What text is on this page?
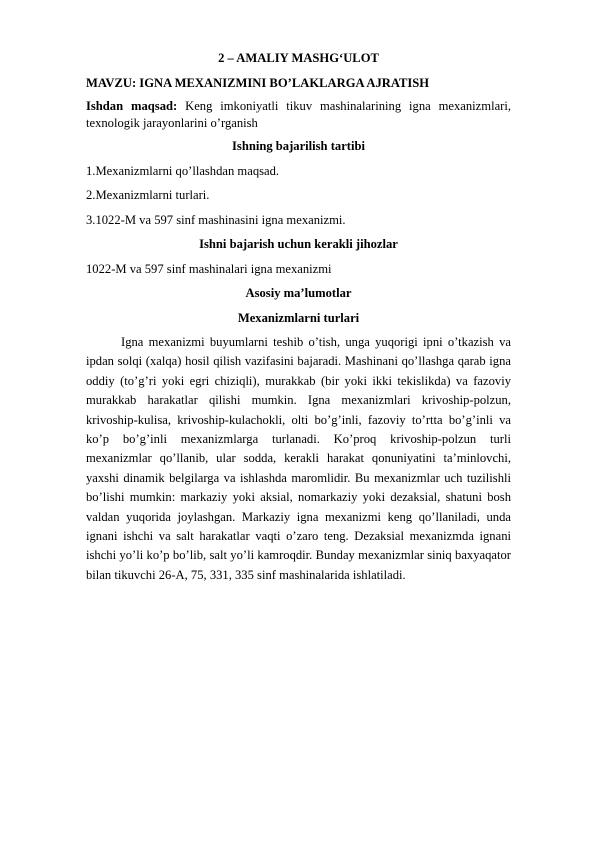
2 – AMALIY MASHG‘ULOT

MAVZU: IGNA MEXANIZMINI BO’LAKLARGA AJRATISH

Ishdan maqsad: Keng imkoniyatli tikuv mashinalarining igna mexanizmlari, texnologik jarayonlarini o’rganish

Ishning bajarilish tartibi

1.Mexanizmlarni qo’llashdan maqsad.

2.Mexanizmlarni turlari.

3.1022-M va 597 sinf mashinasini igna mexanizmi.

Ishni bajarish uchun kerakli jihozlar

1022-M va 597 sinf mashinalari igna mexanizmi

Asosiy ma’lumotlar

Mexanizmlarni turlari

Igna mexanizmi buyumlarni teshib o’tish, unga yuqorigi ipni o’tkazish va ipdan solqi (xalqa) hosil qilish vazifasini bajaradi. Mashinani qo’llashga qarab igna oddiy (to’g’ri yoki egri chiziqli), murakkab (bir yoki ikki tekislikda) va fazoviy murakkab harakatlar qilishi mumkin. Igna mexanizmlari krivoship-polzun, krivoship-kulisa, krivoship-kulachokli, olti bo’g’inli, fazoviy to’rtta bo’g’inli va ko’p bo’g’inli mexanizmlarga turlanadi. Ko’proq krivoship-polzun turli mexanizmlar qo’llanib, ular sodda, kerakli harakat qonuniyatini ta’minlovchi, yaxshi dinamik belgilarga va ishlashda maromlidir. Bu mexanizmlar uch tuzilishli bo’lishi mumkin: markaziy yoki aksial, nomarkaziy yoki dezaksial, shatuni bosh valdan yuqorida joylashgan. Markaziy igna mexanizmi keng qo’llaniladi, unda ignani ishchi va salt harakatlar vaqti o’zaro teng. Dezaksial mexanizmda ignani ishchi yo’li ko’p bo’lib, salt yo’li kamroqdir. Bunday mexanizmlar siniq baxyaqator bilan tikuvchi 26-A, 75, 331, 335 sinf mashinalarida ishlatiladi.
